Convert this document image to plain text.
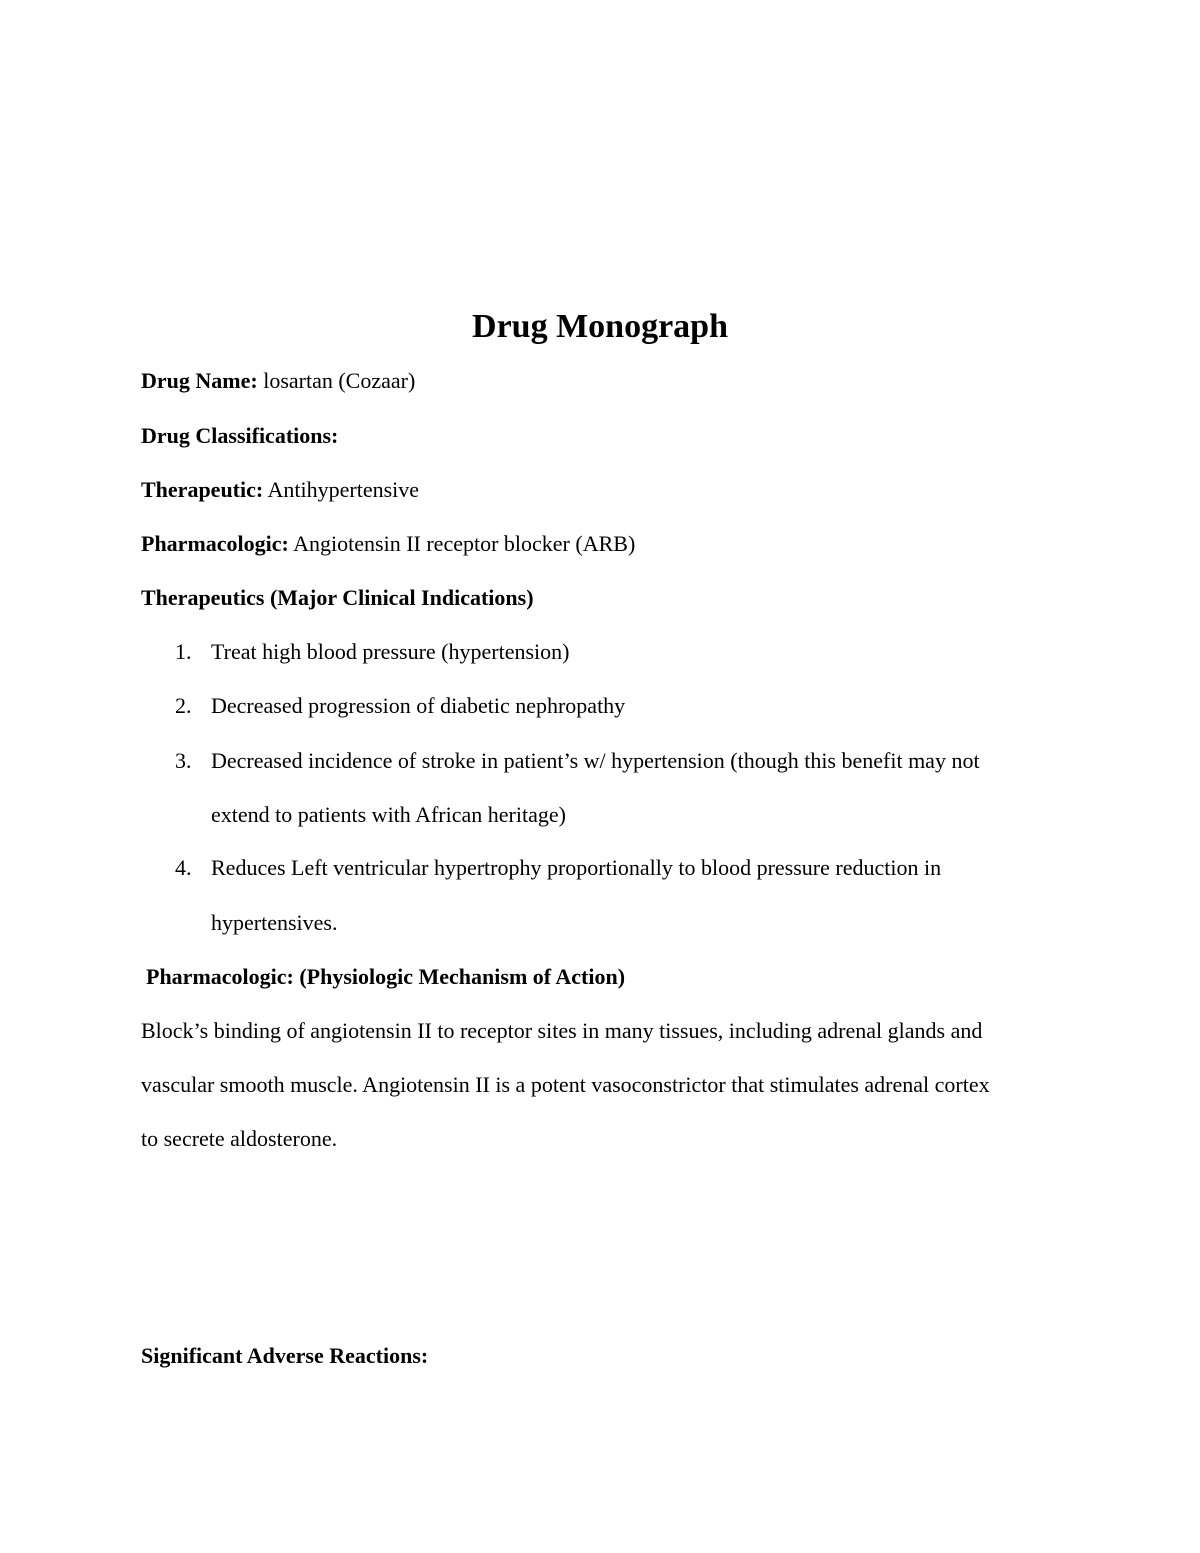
Drug Monograph
Drug Name: losartan (Cozaar)
Drug Classifications:
Therapeutic: Antihypertensive
Pharmacologic: Angiotensin II receptor blocker (ARB)
Therapeutics (Major Clinical Indications)
1. Treat high blood pressure (hypertension)
2. Decreased progression of diabetic nephropathy
3. Decreased incidence of stroke in patient’s w/ hypertension (though this benefit may not
extend to patients with African heritage)
4. Reduces Left ventricular hypertrophy proportionally to blood pressure reduction in
hypertensives.
Pharmacologic: (Physiologic Mechanism of Action)
Block’s binding of angiotensin II to receptor sites in many tissues, including adrenal glands and
vascular smooth muscle. Angiotensin II is a potent vasoconstrictor that stimulates adrenal cortex
to secrete aldosterone.
Significant Adverse Reactions:
